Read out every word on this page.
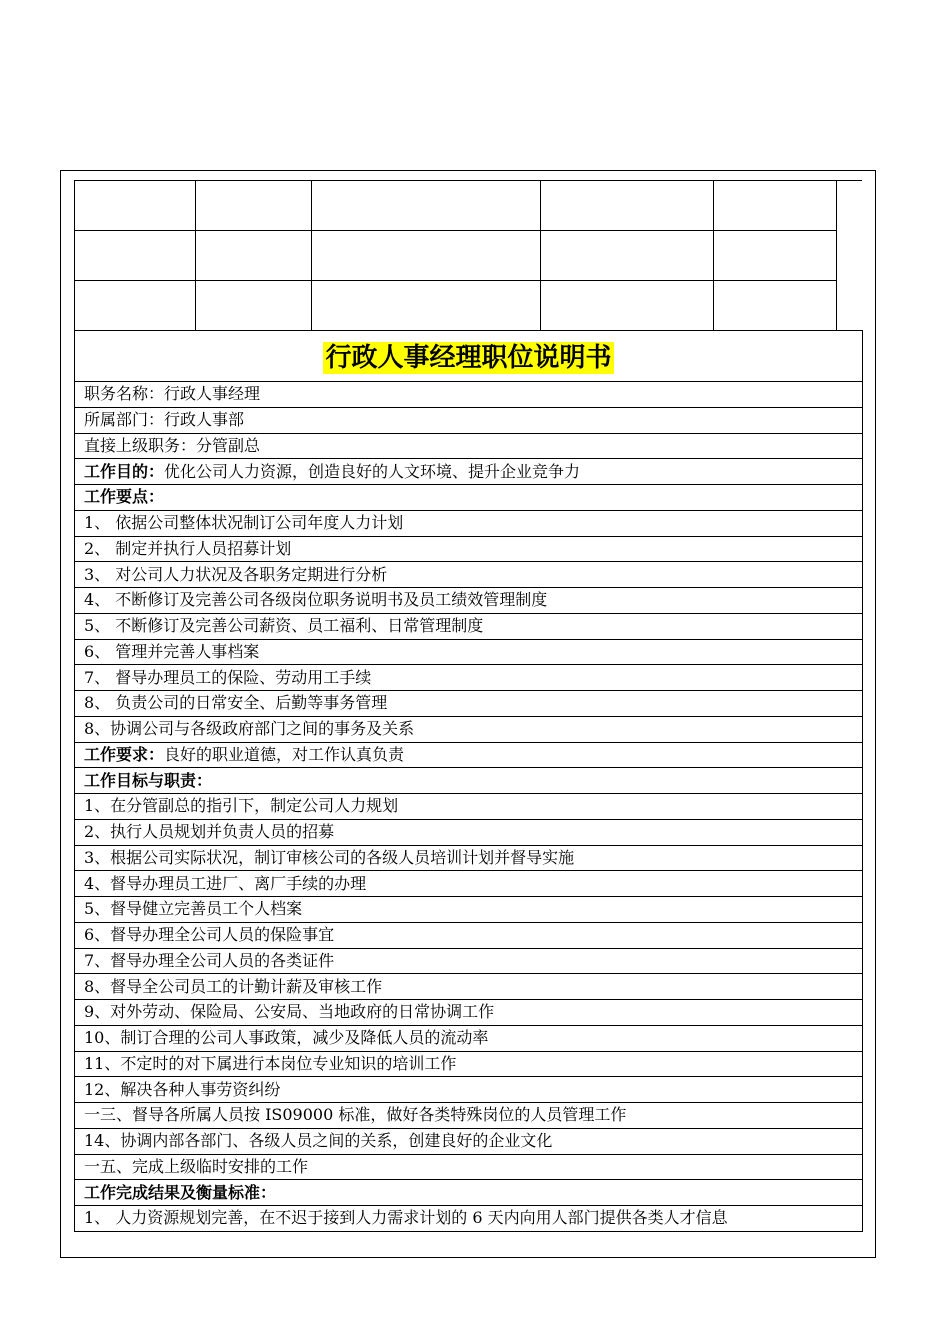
行政人事经理职位说明书
职务名称：行政人事经理
所属部门：行政人事部
直接上级职务：分管副总
工作目的：优化公司人力资源，创造良好的人文环境、提升企业竞争力
工作要点：
1、 依据公司整体状况制订公司年度人力计划
2、 制定并执行人员招募计划
3、 对公司人力状况及各职务定期进行分析
4、 不断修订及完善公司各级岗位职务说明书及员工绩效管理制度
5、 不断修订及完善公司薪资、员工福利、日常管理制度
6、 管理并完善人事档案
7、 督导办理员工的保险、劳动用工手续
8、 负责公司的日常安全、后勤等事务管理
8、协调公司与各级政府部门之间的事务及关系
工作要求：良好的职业道德，对工作认真负责
工作目标与职责：
1、在分管副总的指引下，制定公司人力规划
2、执行人员规划并负责人员的招募
3、根据公司实际状况，制订审核公司的各级人员培训计划并督导实施
4、督导办理员工进厂、离厂手续的办理
5、督导健立完善员工个人档案
6、督导办理全公司人员的保险事宜
7、督导办理全公司人员的各类证件
8、督导全公司员工的计勤计薪及审核工作
9、对外劳动、保险局、公安局、当地政府的日常协调工作
10、制订合理的公司人事政策，减少及降低人员的流动率
11、不定时的对下属进行本岗位专业知识的培训工作
12、解决各种人事劳资纠纷
一三、督导各所属人员按 IS09000 标准，做好各类特殊岗位的人员管理工作
14、协调内部各部门、各级人员之间的关系，创建良好的企业文化
一五、完成上级临时安排的工作
工作完成结果及衡量标准：
1、 人力资源规划完善，在不迟于接到人力需求计划的 6 天内向用人部门提供各类人才信息
